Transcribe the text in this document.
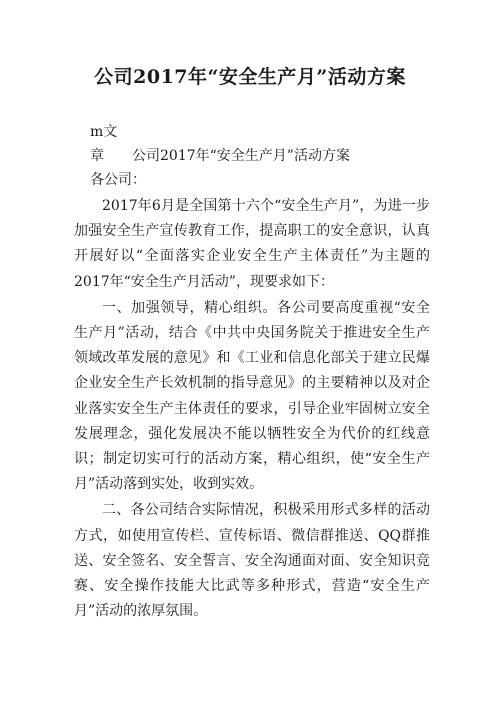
公司2017年“安全生产月”活动方案

m文

章 公司2017年“安全生产月”活动方案

各公司：

2017年6月是全国第十六个“安全生产月”，为进一步加强安全生产宣传教育工作，提高职工的安全意识，认真开展好以“全面落实企业安全生产主体责任”为主题的2017年“安全生产月活动”，现要求如下：

一、加强领导，精心组织。各公司要高度重视“安全生产月”活动，结合《中共中央国务院关于推进安全生产领域改革发展的意见》和《工业和信息化部关于建立民爆企业安全生产长效机制的指导意见》的主要精神以及对企业落实安全生产主体责任的要求，引导企业牢固树立安全发展理念，强化发展决不能以牺牲安全为代价的红线意识；制定切实可行的活动方案，精心组织，使“安全生产月”活动落到实处，收到实效。

二、各公司结合实际情况，积极采用形式多样的活动方式，如使用宣传栏、宣传标语、微信群推送、QQ群推送、安全签名、安全誓言、安全沟通面对面、安全知识竞赛、安全操作技能大比武等多种形式，营造“安全生产月”活动的浓厚氛围。
